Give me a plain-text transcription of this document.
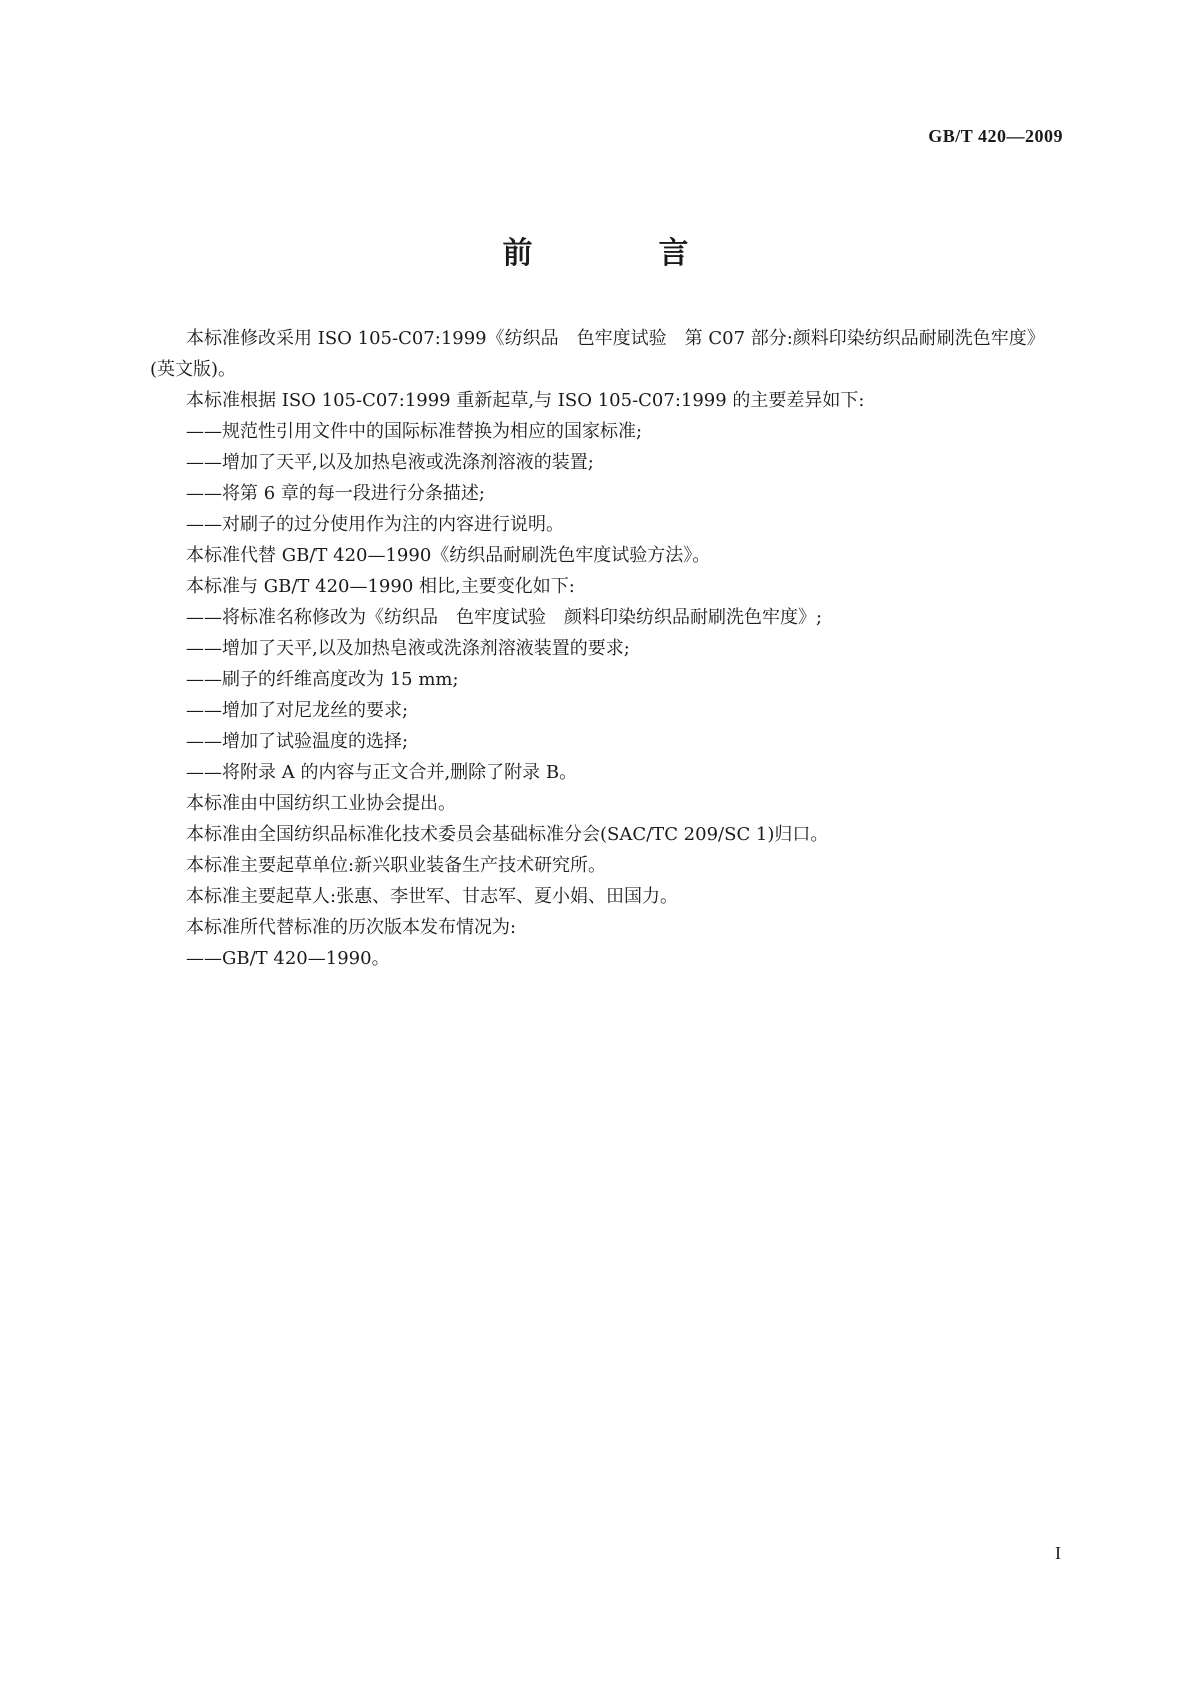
GB/T 420—2009
前　言

本标准修改采用 ISO 105-C07:1999《纺织品　色牢度试验　第 C07 部分:颜料印染纺织品耐刷洗色牢度》(英文版)。

本标准根据 ISO 105-C07:1999 重新起草,与 ISO 105-C07:1999 的主要差异如下:

——规范性引用文件中的国际标准替换为相应的国家标准;

——增加了天平,以及加热皂液或洗涤剂溶液的装置;

——将第 6 章的每一段进行分条描述;

——对刷子的过分使用作为注的内容进行说明。

本标准代替 GB/T 420—1990《纺织品耐刷洗色牢度试验方法》。

本标准与 GB/T 420—1990 相比,主要变化如下:

——将标准名称修改为《纺织品　色牢度试验　颜料印染纺织品耐刷洗色牢度》;

——增加了天平,以及加热皂液或洗涤剂溶液装置的要求;

——刷子的纤维高度改为 15 mm;

——增加了对尼龙丝的要求;

——增加了试验温度的选择;

——将附录 A 的内容与正文合并,删除了附录 B。

本标准由中国纺织工业协会提出。

本标准由全国纺织品标准化技术委员会基础标准分会(SAC/TC 209/SC 1)归口。

本标准主要起草单位:新兴职业装备生产技术研究所。

本标准主要起草人:张惠、李世军、甘志军、夏小娟、田国力。

本标准所代替标准的历次版本发布情况为:

——GB/T 420—1990。

I
